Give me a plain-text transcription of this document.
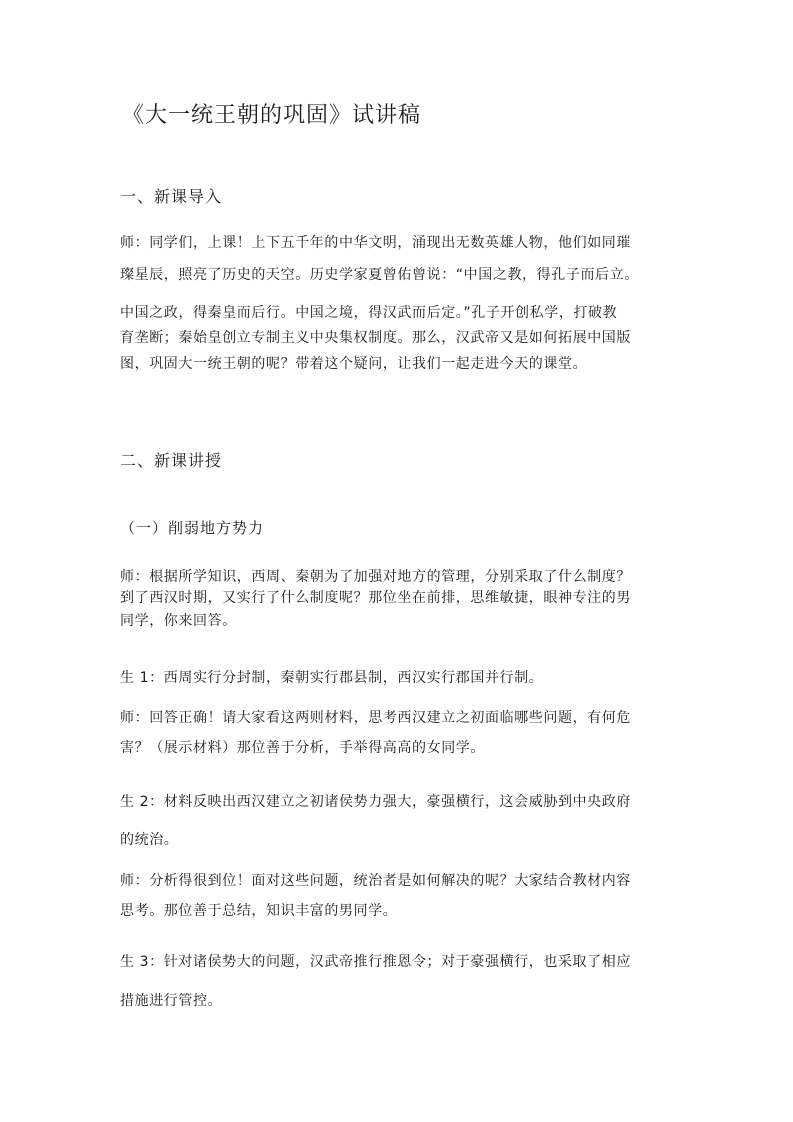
《大一统王朝的巩固》试讲稿
一、新课导入
师：同学们，上课！上下五千年的中华文明，涌现出无数英雄人物，他们如同璀
璨星辰，照亮了历史的天空。历史学家夏曾佑曾说：“中国之教，得孔子而后立。
中国之政，得秦皇而后行。中国之境，得汉武而后定。”孔子开创私学，打破教
育垄断；秦始皇创立专制主义中央集权制度。那么，汉武帝又是如何拓展中国版
图，巩固大一统王朝的呢？带着这个疑问，让我们一起走进今天的课堂。
二、新课讲授
（一）削弱地方势力
师：根据所学知识，西周、秦朝为了加强对地方的管理，分别采取了什么制度？
到了西汉时期，又实行了什么制度呢？那位坐在前排，思维敏捷，眼神专注的男
同学，你来回答。
生 1：西周实行分封制，秦朝实行郡县制，西汉实行郡国并行制。
师：回答正确！请大家看这两则材料，思考西汉建立之初面临哪些问题，有何危
害？（展示材料）那位善于分析，手举得高高的女同学。
生 2：材料反映出西汉建立之初诸侯势力强大，豪强横行，这会威胁到中央政府
的统治。
师：分析得很到位！面对这些问题，统治者是如何解决的呢？大家结合教材内容
思考。那位善于总结，知识丰富的男同学。
生 3：针对诸侯势大的问题，汉武帝推行推恩令；对于豪强横行，也采取了相应
措施进行管控。
